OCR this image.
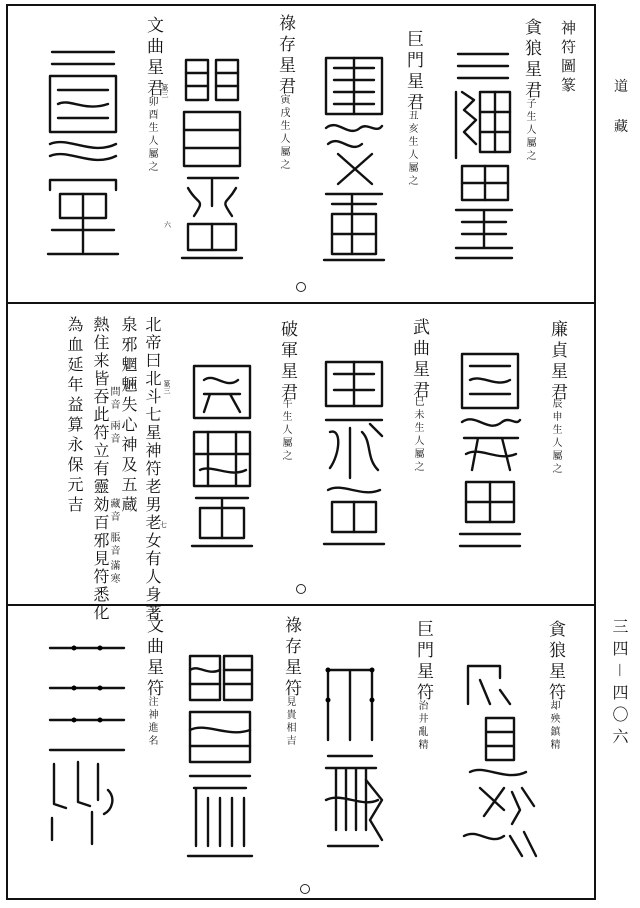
道
藏
三四－四〇六
神符圖篆
貪狼星君
子生人屬之
巨門星君
丑亥生人屬之
祿存星君
寅戌生人屬之
文曲星君
卯酉生人屬之
篆三
六
廉貞星君
辰申生人屬之
武曲星君
巳未生人屬之
破軍星君
午生人屬之
篆三
七
北帝曰北斗七星神符老男老女有人身著
泉邪魍魎失心神及五蔵
熱住来皆吞此符立有靈効百邪見符悉化
為血延年益算永保元吉 問音
兩音
藏音
脹音
滿寒
貪狼星符
却殃鎮精
巨門星符
治井亂精
祿存星符
見貴相吉
文曲星符
注神進名
